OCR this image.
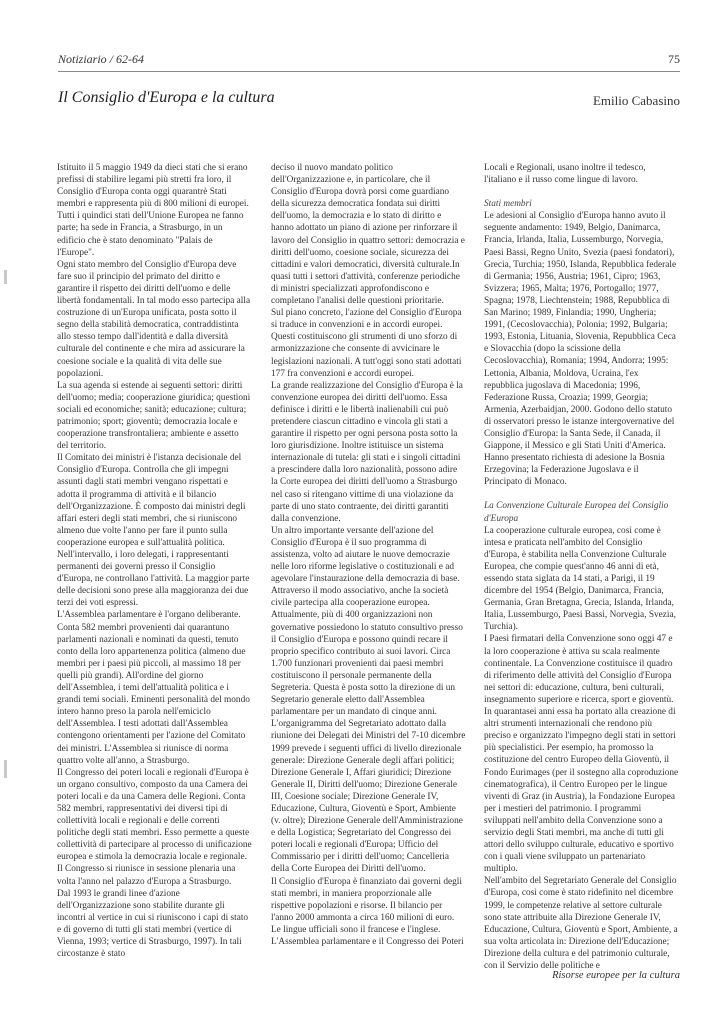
Notiziario / 62-64	75
Il Consiglio d'Europa e la cultura	Emilio Cabasino

Istituito il 5 maggio 1949 da dieci stati che si erano prefissi di stabilire legami più stretti fra loro, il Consiglio d'Europa conta oggi quarantrè Stati membri e rappresenta più di 800 milioni di europei. Tutti i quindici stati dell'Unione Europea ne fanno parte; ha sede in Francia, a Strasburgo, in un edificio che è stato denominato "Palais de l'Europe".

Ogni stato membro del Consiglio d'Europa deve fare suo il principio del primato del diritto e garantire il rispetto dei diritti dell'uomo e delle libertà fondamentali. In tal modo esso partecipa alla costruzione di un'Europa unificata, posta sotto il segno della stabilità democratica, contraddistinta allo stesso tempo dall'identità e dalla diversità culturale del continente e che mira ad assicurare la coesione sociale e la qualità di vita delle sue popolazioni.

La sua agenda si estende ai seguenti settori: diritti dell'uomo; media; cooperazione giuridica; questioni sociali ed economiche; sanità; educazione; cultura; patrimonio; sport; gioventù; democrazia locale e cooperazione transfrontaliera; ambiente e assetto del territorio.

Il Comitato dei ministri è l'istanza decisionale del Consiglio d'Europa. Controlla che gli impegni assunti dagli stati membri vengano rispettati e adotta il programma di attività e il bilancio dell'Organizzazione. È composto dai ministri degli affari esteri degli stati membri, che si riuniscono almeno due volte l'anno per fare il punto sulla cooperazione europea e sull'attualità politica. Nell'intervallo, i loro delegati, i rappresentanti permanenti dei governi presso il Consiglio d'Europa, ne controllano l'attività. La maggior parte delle decisioni sono prese alla maggioranza dei due terzi dei voti espressi.

L'Assemblea parlamentare è l'organo deliberante. Conta 582 membri provenienti dai quarantuno parlamenti nazionali e nominati da questi, tenuto conto della loro appartenenza politica (almeno due membri per i paesi più piccoli, al massimo 18 per quelli più grandi). All'ordine del giorno dell'Assemblea, i temi dell'attualità politica e i grandi temi sociali. Eminenti personalità del mondo intero hanno preso la parola nell'emiciclo dell'Assemblea. I testi adottati dall'Assemblea contengono orientamenti per l'azione del Comitato dei ministri. L'Assemblea si riunisce di norma quattro volte all'anno, a Strasburgo.

Il Congresso dei poteri locali e regionali d'Europa è un organo consultivo, composto da una Camera dei poteri locali e da una Camera delle Regioni. Conta 582 membri, rappresentativi dei diversi tipi di collettività locali e regionali e delle correnti politiche degli stati membri. Esso permette a queste collettività di partecipare al processo di unificazione europea e stimola la democrazia locale e regionale. Il Congresso si riunisce in sessione plenaria una volta l'anno nel palazzo d'Europa a Strasburgo.

Dal 1993 le grandi linee d'azione dell'Organizzazione sono stabilite durante gli incontri al vertice in cui si riuniscono i capi di stato e di governo di tutti gli stati membri (vertice di Vienna, 1993; vertice di Strasburgo, 1997). In tali circostanze è stato

deciso il nuovo mandato politico dell'Organizzazione e, in particolare, che il Consiglio d'Europa dovrà porsi come guardiano della sicurezza democratica fondata sui diritti dell'uomo, la democrazia e lo stato di diritto e hanno adottato un piano di azione per rinforzare il lavoro del Consiglio in quattro settori: democrazia e diritti dell'uomo, coesione sociale, sicurezza dei cittadini e valori democratici, diversità culturale.In quasi tutti i settori d'attività, conferenze periodiche di ministri specializzati approfondiscono e completano l'analisi delle questioni prioritarie.

Sul piano concreto, l'azione del Consiglio d'Europa si traduce in convenzioni e in accordi europei. Questi costituiscono gli strumenti di uno sforzo di armonizzazione che consente di avvicinare le legislazioni nazionali. A tutt'oggi sono stati adottati 177 fra convenzioni e accordi europei.

La grande realizzazione del Consiglio d'Europa è la convenzione europea dei diritti dell'uomo. Essa definisce i diritti e le libertà inalienabili cui può pretendere ciascun cittadino e vincola gli stati a garantire il rispetto per ogni persona posta sotto la loro giurisdizione. Inoltre istituisce un sistema internazionale di tutela: gli stati e i singoli cittadini a prescindere dalla loro nazionalità, possono adire la Corte europea dei diritti dell'uomo a Strasburgo nel caso si ritengano vittime di una violazione da parte di uno stato contraente, dei diritti garantiti dalla convenzione.

Un altro importante versante dell'azione del Consiglio d'Europa è il suo programma di assistenza, volto ad aiutare le nuove democrazie nelle loro riforme legislative o costituzionali e ad agevolare l'instaurazione della democrazia di base.

Attraverso il modo associativo, anche la società civile partecipa alla cooperazione europea. Attualmente, più di 400 organizzazioni non governative possiedono lo statuto consultivo presso il Consiglio d'Europa e possono quindi recare il proprio specifico contributo ai suoi lavori. Circa 1.700 funzionari provenienti dai paesi membri costituiscono il personale permanente della Segreteria. Questa è posta sotto la direzione di un Segretario generale eletto dall'Assemblea parlamentare per un mandato di cinque anni.

L'organigramma del Segretariato adottato dalla riunione dei Delegati dei Ministri del 7-10 dicembre 1999 prevede i seguenti uffici di livello direzionale generale: Direzione Generale degli affari politici; Direzione Generale I, Affari giuridici; Direzione Generale II, Diritti dell'uomo; Direzione Generale III, Coesione sociale; Direzione Generale IV, Educazione, Cultura, Gioventù e Sport, Ambiente (v. oltre); Direzione Generale dell'Amministrazione e della Logistica; Segretariato del Congresso dei poteri locali e regionali d'Europa; Ufficio del Commissario per i diritti dell'uomo; Cancelleria della Corte Europea dei Diritti dell'uomo.

Il Consiglio d'Europa è finanziato dai governi degli stati membri, in maniera proporzionale alle rispettive popolazioni e risorse. Il bilancio per l'anno 2000 ammonta a circa 160 milioni di euro. Le lingue ufficiali sono il francese e l'inglese. L'Assemblea parlamentare e il Congresso dei Poteri

Locali e Regionali, usano inoltre il tedesco, l'italiano e il russo come lingue di lavoro.

Stati membri

Le adesioni al Consiglio d'Europa hanno avuto il seguente andamento: 1949, Belgio, Danimarca, Francia, Irlanda, Italia, Lussemburgo, Norvegia, Paesi Bassi, Regno Unito, Svezia (paesi fondatori), Grecia, Turchia; 1950, Islanda, Repubblica federale di Germania; 1956, Austria; 1961, Cipro; 1963, Svizzera; 1965, Malta; 1976, Portogallo; 1977, Spagna; 1978, Liechtenstein; 1988, Repubblica di San Marino; 1989, Finlandia; 1990, Ungheria; 1991, (Cecoslovacchia), Polonia; 1992, Bulgaria; 1993, Estonia, Lituania, Slovenia, Repubblica Ceca e Slovacchia (dopo la scissione della Cecoslovacchia), Romania; 1994, Andorra; 1995: Lettonia, Albania, Moldova, Ucraina, l'ex repubblica jugoslava di Macedonia; 1996, Federazione Russa, Croazia; 1999, Georgia; Armenia, Azerbaidjan, 2000. Godono dello statuto di osservatori presso le istanze intergovernative del Consiglio d'Europa: la Santa Sede, il Canada, il Giappone, il Messico e gli Stati Uniti d'America. Hanno presentato richiesta di adesione la Bosnia Erzegovina; la Federazione Jugoslava e il Principato di Monaco.

La Convenzione Culturale Europea del Consiglio d'Europa

La cooperazione culturale europea, così come è intesa e praticata nell'ambito del Consiglio d'Europa, è stabilita nella Convenzione Culturale Europea, che compie quest'anno 46 anni di età, essendo stata siglata da 14 stati, a Parigi, il 19 dicembre del 1954 (Belgio, Danimarca, Francia, Germania, Gran Bretagna, Grecia, Islanda, Irlanda, Italia, Lussemburgo, Paesi Bassi, Norvegia, Svezia, Turchia).

I Paesi firmatari della Convenzione sono oggi 47 e la loro cooperazione è attiva su scala realmente continentale. La Convenzione costituisce il quadro di riferimento delle attività del Consiglio d'Europa nei settori di: educazione, cultura, beni culturali, insegnamento superiore e ricerca, sport e gioventù. In quarantasei anni essa ha portato alla creazione di altri strumenti internazionali che rendono più preciso e organizzato l'impegno degli stati in settori più specialistici. Per esempio, ha promosso la costituzione del centro Europeo della Gioventù, il Fondo Eurimages (per il sostegno alla coproduzione cinematografica), il Centro Europeo per le lingue viventi di Graz (in Austria), la Fondazione Europea per i mestieri del patrimonio. I programmi sviluppati nell'ambito della Convenzione sono a servizio degli Stati membri, ma anche di tutti gli attori dello sviluppo culturale, educativo e sportivo con i quali viene sviluppato un partenariato multiplo.

Nell'ambito del Segretariato Generale del Consiglio d'Europa, così come è stato ridefinito nel dicembre 1999, le competenze relative al settore culturale sono state attribuite alla Direzione Generale IV, Educazione, Cultura, Gioventù e Sport, Ambiente, a sua volta articolata in: Direzione dell'Educazione; Direzione della cultura e del patrimonio culturale, con il Servizio delle politiche e

Risorse europee per la cultura
